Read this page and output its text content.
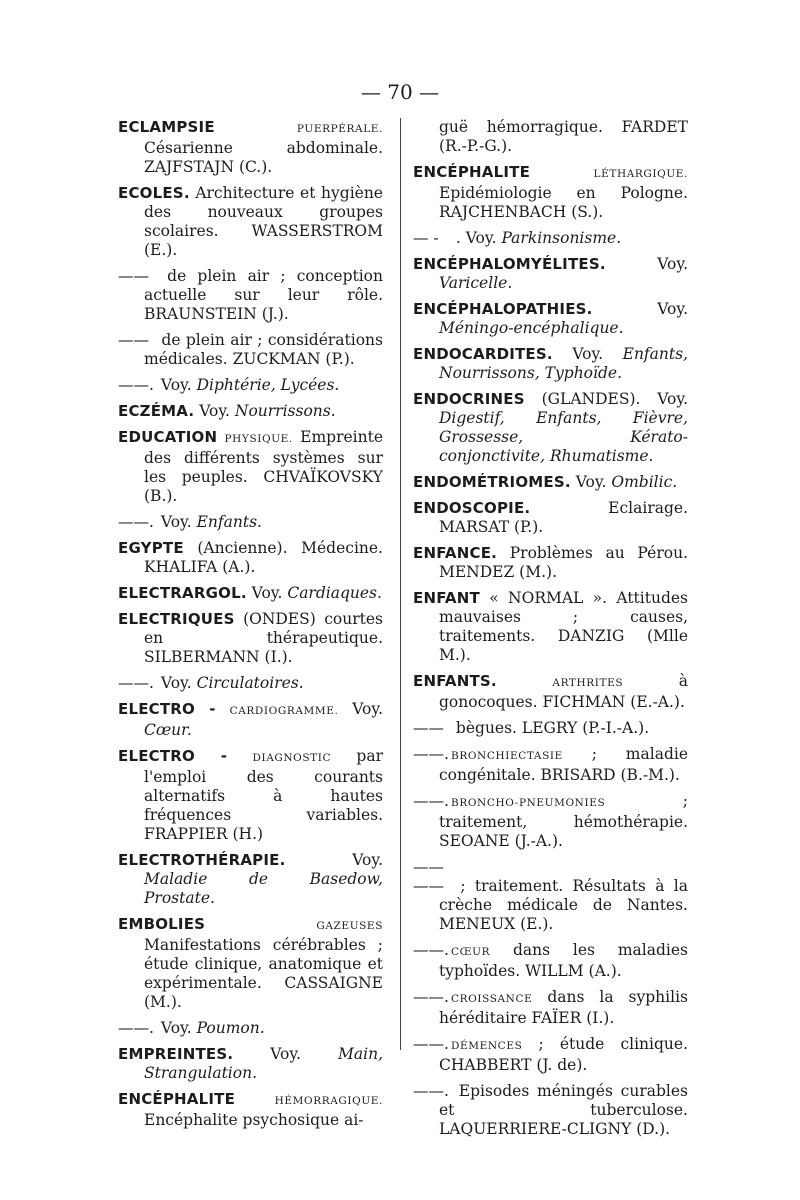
— 70 —
ECLAMPSIE	PUERPÉRALE. Césarienne abdominale. ZAJFSTAJN (C.).
ECOLES. Architecture et hygiène des nouveaux groupes scolaires. WASSERSTROM (E.).
—— de plein air ; conception actuelle sur leur rôle. BRAUNSTEIN (J.).
—— de plein air ; considérations médicales. ZUCKMAN (P.).
——. Voy. Diphtérie, Lycées.
ECZÉMA. Voy. Nourrissons.
EDUCATION PHYSIQUE. Empreinte des différents systèmes sur les peuples. CHVAÏKOVSKY (B.).
——. Voy. Enfants.
EGYPTE (Ancienne). Médecine. KHALIFA (A.).
ELECTRARGOL. Voy. Cardiaques.
ELECTRIQUES (ONDES) courtes en thérapeutique. SILBERMANN (I.).
——. Voy. Circulatoires.
ELECTRO - CARDIOGRAMME. Voy. Cœur.
ELECTRO - DIAGNOSTIC par l'emploi des courants alternatifs à hautes fréquences variables. FRAPPIER (H.)
ELECTROTHÉRAPIE.	Voy. Maladie de Basedow, Prostate.
EMBOLIES	GAZEUSES Manifestations cérébrables ; étude clinique, anatomique et expérimentale. CASSAIGNE (M.).
——. Voy. Poumon.
EMPREINTES. Voy. Main, Strangulation.
ENCÉPHALITE	HÉMORRAGIQUE. Encéphalite psychosique ai-
guë hémorragique. FARDET (R.-P.-G.).
ENCÉPHALITE	LÉTHARGIQUE. Epidémiologie en Pologne. RAJCHENBACH (S.).
— - . Voy. Parkinsonisme.
ENCÉPHALOMYÉLITES.	Voy. Varicelle.
ENCÉPHALOPATHIES.	Voy. Méningo-encéphalique.
ENDOCARDITES. Voy. Enfants, Nourrissons, Typhoïde.
ENDOCRINES (GLANDES). Voy. Digestif, Enfants, Fièvre, Grossesse, Kérato-conjonctivite, Rhumatisme.
ENDOMÉTRIOMES. Voy. Ombilic.
ENDOSCOPIE.	Eclairage. MARSAT (P.).
ENFANCE. Problèmes au Pérou. MENDEZ (M.).
ENFANT « NORMAL ». Attitudes mauvaises ; causes, traitements. DANZIG (Mlle M.).
ENFANTS.	ARTHRITES à gonocoques. FICHMAN (E.-A.).
—— bègues. LEGRY (P.-I.-A.).
——. BRONCHIECTASIE ; maladie congénitale. BRISARD (B.-M.).
——. BRONCHO-PNEUMONIES ; traitement, hémothérapie. SEOANE (J.-A.).
—— —— ; traitement. Résultats à la crèche médicale de Nantes. MENEUX (E.).
——. CŒUR dans les maladies typhoïdes. WILLM (A.).
——. CROISSANCE dans la syphilis héréditaire FAÏER (I.).
——. DÉMENCES ; étude clinique. CHABBERT (J. de).
——. Episodes méningés curables et tuberculose. LAQUERRIERE-CLIGNY (D.).
